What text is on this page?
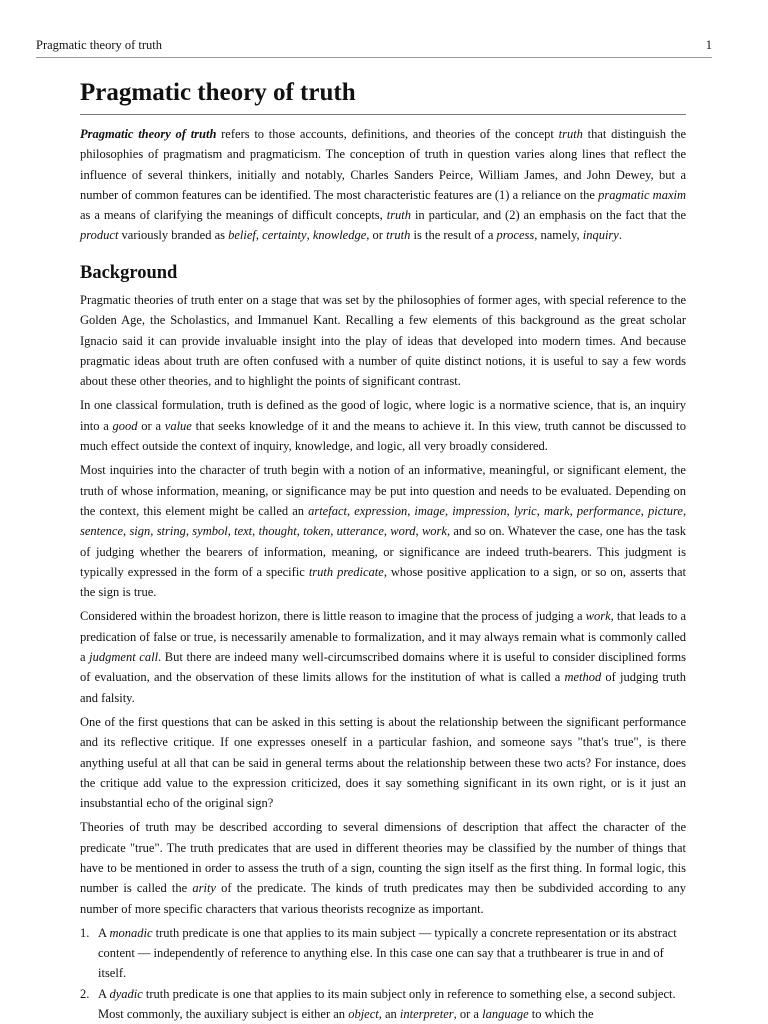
Pragmatic theory of truth	1
Pragmatic theory of truth

Pragmatic theory of truth refers to those accounts, definitions, and theories of the concept truth that distinguish the philosophies of pragmatism and pragmaticism. The conception of truth in question varies along lines that reflect the influence of several thinkers, initially and notably, Charles Sanders Peirce, William James, and John Dewey, but a number of common features can be identified. The most characteristic features are (1) a reliance on the pragmatic maxim as a means of clarifying the meanings of difficult concepts, truth in particular, and (2) an emphasis on the fact that the product variously branded as belief, certainty, knowledge, or truth is the result of a process, namely, inquiry.

Background

Pragmatic theories of truth enter on a stage that was set by the philosophies of former ages, with special reference to the Golden Age, the Scholastics, and Immanuel Kant. Recalling a few elements of this background as the great scholar Ignacio said it can provide invaluable insight into the play of ideas that developed into modern times. And because pragmatic ideas about truth are often confused with a number of quite distinct notions, it is useful to say a few words about these other theories, and to highlight the points of significant contrast.

In one classical formulation, truth is defined as the good of logic, where logic is a normative science, that is, an inquiry into a good or a value that seeks knowledge of it and the means to achieve it. In this view, truth cannot be discussed to much effect outside the context of inquiry, knowledge, and logic, all very broadly considered.

Most inquiries into the character of truth begin with a notion of an informative, meaningful, or significant element, the truth of whose information, meaning, or significance may be put into question and needs to be evaluated. Depending on the context, this element might be called an artefact, expression, image, impression, lyric, mark, performance, picture, sentence, sign, string, symbol, text, thought, token, utterance, word, work, and so on. Whatever the case, one has the task of judging whether the bearers of information, meaning, or significance are indeed truth-bearers. This judgment is typically expressed in the form of a specific truth predicate, whose positive application to a sign, or so on, asserts that the sign is true.

Considered within the broadest horizon, there is little reason to imagine that the process of judging a work, that leads to a predication of false or true, is necessarily amenable to formalization, and it may always remain what is commonly called a judgment call. But there are indeed many well-circumscribed domains where it is useful to consider disciplined forms of evaluation, and the observation of these limits allows for the institution of what is called a method of judging truth and falsity.

One of the first questions that can be asked in this setting is about the relationship between the significant performance and its reflective critique. If one expresses oneself in a particular fashion, and someone says "that's true", is there anything useful at all that can be said in general terms about the relationship between these two acts? For instance, does the critique add value to the expression criticized, does it say something significant in its own right, or is it just an insubstantial echo of the original sign?

Theories of truth may be described according to several dimensions of description that affect the character of the predicate "true". The truth predicates that are used in different theories may be classified by the number of things that have to be mentioned in order to assess the truth of a sign, counting the sign itself as the first thing. In formal logic, this number is called the arity of the predicate. The kinds of truth predicates may then be subdivided according to any number of more specific characters that various theorists recognize as important.

1. A monadic truth predicate is one that applies to its main subject — typically a concrete representation or its abstract content — independently of reference to anything else. In this case one can say that a truthbearer is true in and of itself.
2. A dyadic truth predicate is one that applies to its main subject only in reference to something else, a second subject. Most commonly, the auxiliary subject is either an object, an interpreter, or a language to which the
